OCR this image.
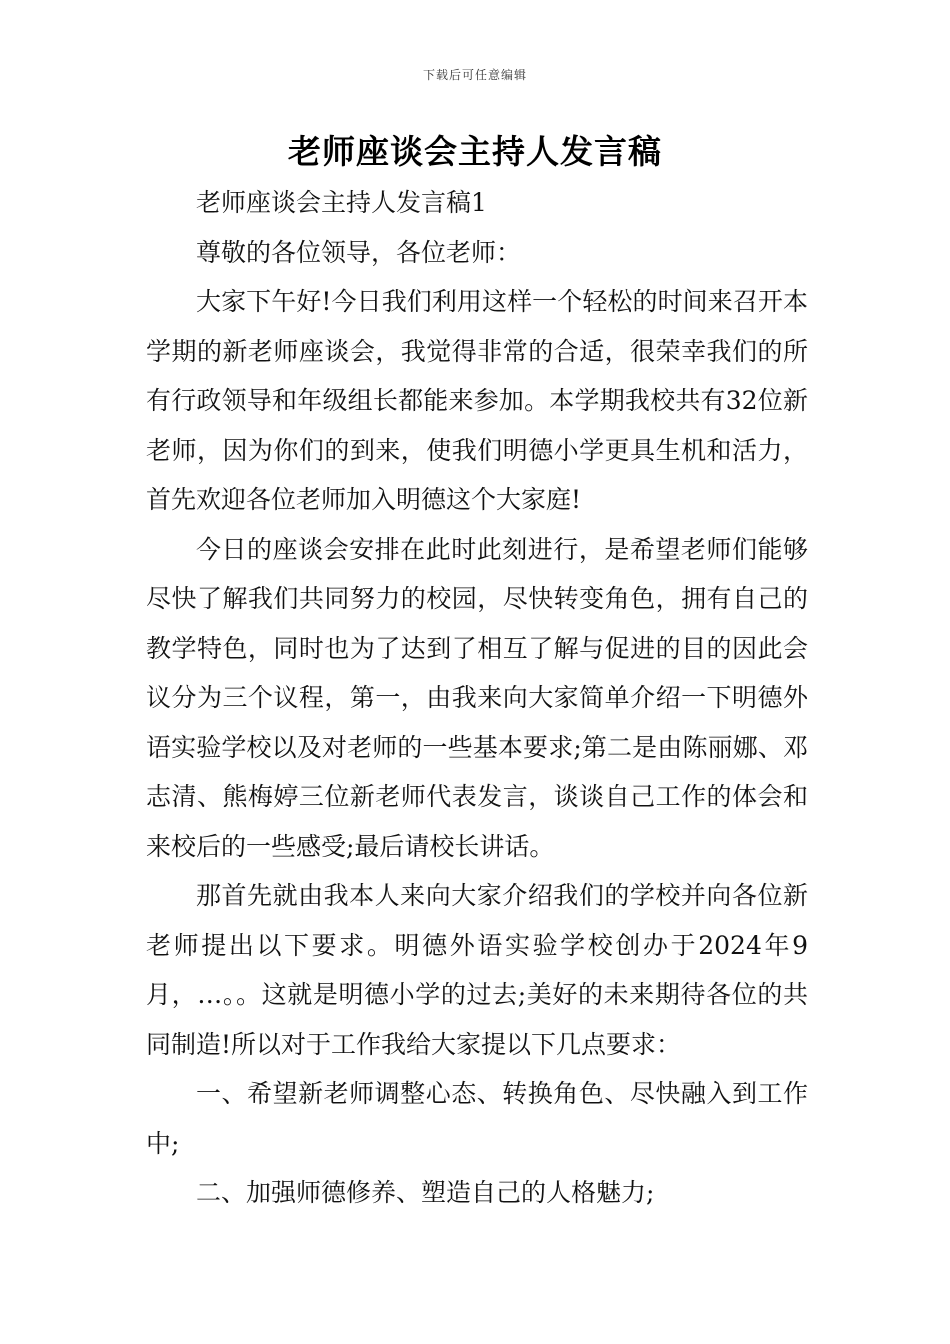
下载后可任意编辑
老师座谈会主持人发言稿

老师座谈会主持人发言稿1

尊敬的各位领导，各位老师：

大家下午好!今日我们利用这样一个轻松的时间来召开本学期的新老师座谈会，我觉得非常的合适，很荣幸我们的所有行政领导和年级组长都能来参加。本学期我校共有32位新老师，因为你们的到来，使我们明德小学更具生机和活力，首先欢迎各位老师加入明德这个大家庭!

今日的座谈会安排在此时此刻进行，是希望老师们能够尽快了解我们共同努力的校园，尽快转变角色，拥有自己的教学特色，同时也为了达到了相互了解与促进的目的因此会议分为三个议程，第一，由我来向大家简单介绍一下明德外语实验学校以及对老师的一些基本要求;第二是由陈丽娜、邓志清、熊梅婷三位新老师代表发言，谈谈自己工作的体会和来校后的一些感受;最后请校长讲话。

那首先就由我本人来向大家介绍我们的学校并向各位新老师提出以下要求。明德外语实验学校创办于2024年9月，…。。这就是明德小学的过去;美好的未来期待各位的共同制造!所以对于工作我给大家提以下几点要求：

一、希望新老师调整心态、转换角色、尽快融入到工作中;

二、加强师德修养、塑造自己的人格魅力;
